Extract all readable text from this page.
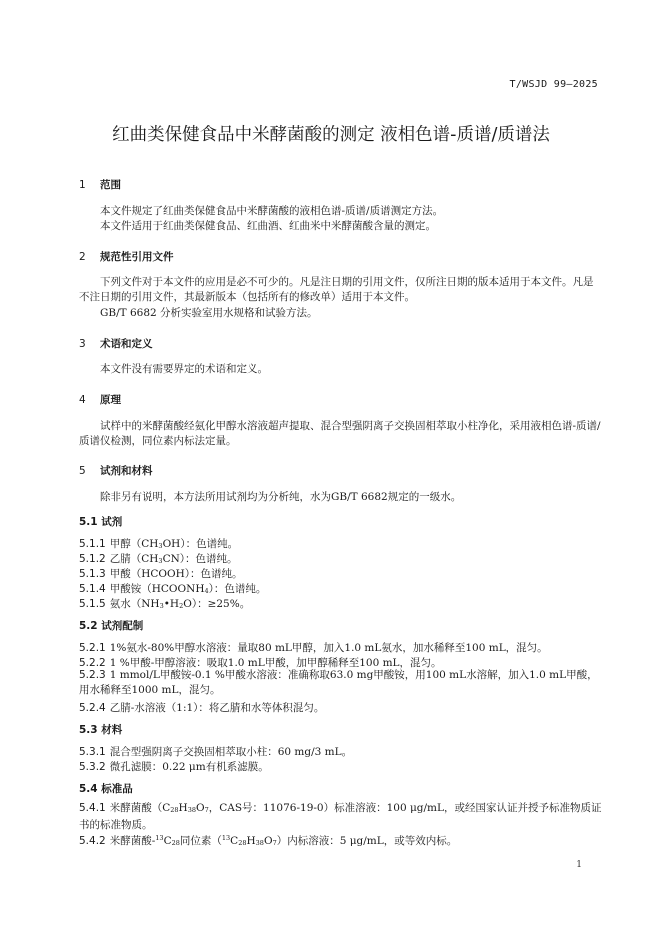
T/WSJD 99—2025
红曲类保健食品中米酵菌酸的测定 液相色谱-质谱/质谱法
1 范围
本文件规定了红曲类保健食品中米酵菌酸的液相色谱-质谱/质谱测定方法。
本文件适用于红曲类保健食品、红曲酒、红曲米中米酵菌酸含量的测定。
2 规范性引用文件
下列文件对于本文件的应用是必不可少的。凡是注日期的引用文件，仅所注日期的版本适用于本文件。凡是不注日期的引用文件，其最新版本（包括所有的修改单）适用于本文件。
GB/T 6682 分析实验室用水规格和试验方法。
3 术语和定义
本文件没有需要界定的术语和定义。
4 原理
试样中的米酵菌酸经氨化甲醇水溶液超声提取、混合型强阴离子交换固相萃取小柱净化，采用液相色谱-质谱/质谱仪检测，同位素内标法定量。
5 试剂和材料
除非另有说明，本方法所用试剂均为分析纯，水为GB/T 6682规定的一级水。
5.1 试剂
5.1.1 甲醇$(CH_3OH)$：色谱纯。
5.1.2 乙腈$(CH_3CN)$：色谱纯。
5.1.3 甲酸（HCOOH）：色谱纯。
5.1.4 甲酸铵$(HCOONH_4)$：色谱纯。
5.1.5 氨水$(NH_3•H_2O)$：≥25%。
5.2 试剂配制
5.2.1 1%氨水-80%甲醇水溶液：量取80 mL甲醇，加入1.0 mL氨水，加水稀释至100 mL，混匀。
5.2.2 1 %甲酸-甲醇溶液：吸取1.0 mL甲酸，加甲醇稀释至100 mL，混匀。
5.2.3 1 mmol/L甲酸铵-0.1 %甲酸水溶液：准确称取63.0 mg甲酸铵，用100 mL水溶解，加入1.0 mL甲酸，用水稀释至1000 mL，混匀。
5.2.4 乙腈-水溶液（1:1）：将乙腈和水等体积混匀。
5.3 材料
5.3.1 混合型强阴离子交换固相萃取小柱：60 mg/3 mL。
5.3.2 微孔滤膜：0.22 μm有机系滤膜。
5.4 标准品
5.4.1 米酵菌酸（$C_{28}H_{38}O_7$，CAS号：11076-19-0）标准溶液：100 μg/mL，或经国家认证并授予标准物质证书的标准物质。
5.4.2 米酵菌酸$-^{13}C_{28}$同位素$(^{13}C_{28}H_{38}O_7)$内标溶液：5 μg/mL，或等效内标。
1
